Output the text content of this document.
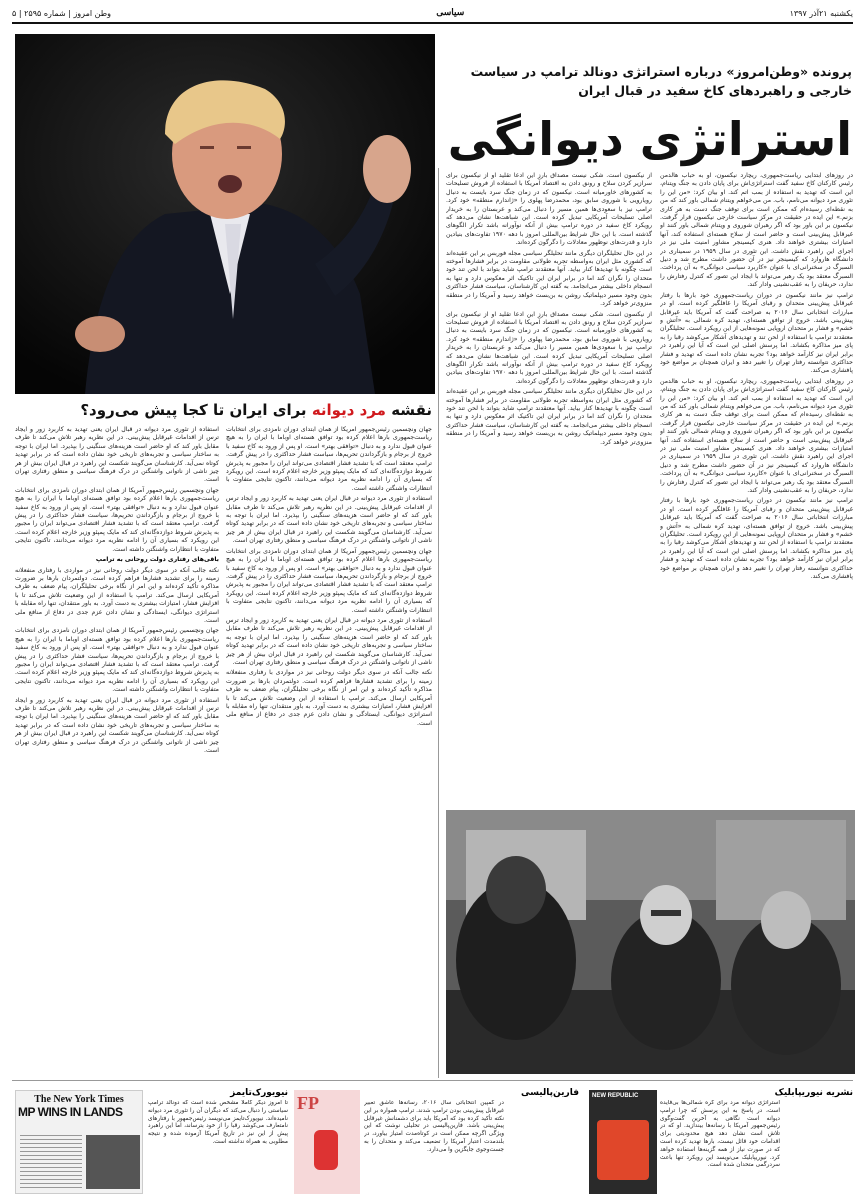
یکشنبه ۲۱آذر ۱۳۹۷
سیاسی
وطن امروز | شماره ۲۵۹۵ | ۵
پرونده «وطن‌امروز» درباره استراتژی دونالد ترامپ در سیاست خارجی و راهبردهای کاخ سفید در قبال ایران
استراتژی دیوانگی
نقشه مرد دیوانه برای ایران تا کجا پیش می‌رود؟

در روزهای ابتدایی ریاست‌جمهوری، ریچارد نیکسون، او به حباب هالدمن رئیس کارکنان کاخ سفید گفت استراتژی‌اش برای پایان دادن به جنگ ویتنام، این است که تهدید به استفاده از بمب اتم کند. او بیان کرد: «من این را تئوری مرد دیوانه می‌نامم، باب. من می‌خواهم ویتنام شمالی باور کند که من به نقطه‌ای رسیده‌ام که ممکن است برای توقف جنگ دست به هر کاری بزنم.» این ایده در حقیقت در مرکز سیاست خارجی نیکسون قرار گرفت. نیکسون بر این باور بود که اگر رهبران شوروی و ویتنام شمالی باور کنند او غیرقابل پیش‌بینی است و حاضر است از سلاح هسته‌ای استفاده کند، آنها امتیازات بیشتری خواهند داد. هنری کیسینجر مشاور امنیت ملی نیز در اجرای این راهبرد نقش داشت. این تئوری در سال ۱۹۵۹ در سمیناری در دانشگاه هاروارد که کیسینجر نیز در آن حضور داشت مطرح شد و دنیل السبرگ در سخنرانی‌ای با عنوان «کاربرد سیاسی دیوانگی» به آن پرداخت. السبرگ معتقد بود یک رهبر می‌تواند با ایجاد این تصور که کنترل رفتارش را ندارد، حریفان را به عقب‌نشینی وادار کند.

ترامپ نیز مانند نیکسون در دوران ریاست‌جمهوری خود بارها با رفتار غیرقابل پیش‌بینی متحدان و رقبای آمریکا را غافلگیر کرده است. او در مبارزات انتخاباتی سال ۲۰۱۶ به صراحت گفت که آمریکا باید غیرقابل پیش‌بینی باشد. خروج از توافق هسته‌ای، تهدید کره شمالی به «آتش و خشم» و فشار بر متحدان اروپایی نمونه‌هایی از این رویکرد است. تحلیلگران معتقدند ترامپ با استفاده از لحن تند و تهدیدهای آشکار می‌کوشد رقبا را به پای میز مذاکره بکشاند. اما پرسش اصلی این است که آیا این راهبرد در برابر ایران نیز کارآمد خواهد بود؟ تجربه نشان داده است که تهدید و فشار حداکثری نتوانسته رفتار تهران را تغییر دهد و ایران همچنان بر مواضع خود پافشاری می‌کند.

در روزهای ابتدایی ریاست‌جمهوری، ریچارد نیکسون، او به حباب هالدمن رئیس کارکنان کاخ سفید گفت استراتژی‌اش برای پایان دادن به جنگ ویتنام، این است که تهدید به استفاده از بمب اتم کند. او بیان کرد: «من این را تئوری مرد دیوانه می‌نامم، باب. من می‌خواهم ویتنام شمالی باور کند که من به نقطه‌ای رسیده‌ام که ممکن است برای توقف جنگ دست به هر کاری بزنم.» این ایده در حقیقت در مرکز سیاست خارجی نیکسون قرار گرفت. نیکسون بر این باور بود که اگر رهبران شوروی و ویتنام شمالی باور کنند او غیرقابل پیش‌بینی است و حاضر است از سلاح هسته‌ای استفاده کند، آنها امتیازات بیشتری خواهند داد. هنری کیسینجر مشاور امنیت ملی نیز در اجرای این راهبرد نقش داشت. این تئوری در سال ۱۹۵۹ در سمیناری در دانشگاه هاروارد که کیسینجر نیز در آن حضور داشت مطرح شد و دنیل السبرگ در سخنرانی‌ای با عنوان «کاربرد سیاسی دیوانگی» به آن پرداخت. السبرگ معتقد بود یک رهبر می‌تواند با ایجاد این تصور که کنترل رفتارش را ندارد، حریفان را به عقب‌نشینی وادار کند.

ترامپ نیز مانند نیکسون در دوران ریاست‌جمهوری خود بارها با رفتار غیرقابل پیش‌بینی متحدان و رقبای آمریکا را غافلگیر کرده است. او در مبارزات انتخاباتی سال ۲۰۱۶ به صراحت گفت که آمریکا باید غیرقابل پیش‌بینی باشد. خروج از توافق هسته‌ای، تهدید کره شمالی به «آتش و خشم» و فشار بر متحدان اروپایی نمونه‌هایی از این رویکرد است. تحلیلگران معتقدند ترامپ با استفاده از لحن تند و تهدیدهای آشکار می‌کوشد رقبا را به پای میز مذاکره بکشاند. اما پرسش اصلی این است که آیا این راهبرد در برابر ایران نیز کارآمد خواهد بود؟ تجربه نشان داده است که تهدید و فشار حداکثری نتوانسته رفتار تهران را تغییر دهد و ایران همچنان بر مواضع خود پافشاری می‌کند.

از نیکسون است. شکی نیست مصداق بارز این ادعا تقلید او از نیکسون برای سرازیر کردن سلاح و رونق دادن به اقتصاد آمریکا با استفاده از فروش تسلیحات به کشورهای خاورمیانه است. نیکسون که در زمان جنگ سرد بایست به دنبال رویارویی با شوروی سابق بود، محمدرضا پهلوی را «ژاندارم منطقه» خود کرد. ترامپ نیز با سعودی‌ها همین مسیر را دنبال می‌کند و عربستان را به خریدار اصلی تسلیحات آمریکایی تبدیل کرده است. این شباهت‌ها نشان می‌دهد که رویکرد کاخ سفید در دوره ترامپ بیش از آنکه نوآورانه باشد تکرار الگوهای گذشته است. با این حال شرایط بین‌المللی امروز با دهه ۱۹۷۰ تفاوت‌های بنیادین دارد و قدرت‌های نوظهور معادلات را دگرگون کرده‌اند.

در این حال تحلیلگران دیگری مانند تحلیلگر سیاسی مجله فوربس بر این عقیده‌اند که کشوری مثل ایران به‌واسطه تجربه طولانی مقاومت در برابر فشارها آموخته است چگونه با تهدیدها کنار بیاید. آنها معتقدند ترامپ شاید بتواند با لحن تند خود متحدان را نگران کند اما در برابر ایران این تاکتیک اثر معکوس دارد و تنها به انسجام داخلی بیشتر می‌انجامد. به گفته این کارشناسان، سیاست فشار حداکثری بدون وجود مسیر دیپلماتیک روشن به بن‌بست خواهد رسید و آمریکا را در منطقه منزوی‌تر خواهد کرد.

از نیکسون است. شکی نیست مصداق بارز این ادعا تقلید او از نیکسون برای سرازیر کردن سلاح و رونق دادن به اقتصاد آمریکا با استفاده از فروش تسلیحات به کشورهای خاورمیانه است. نیکسون که در زمان جنگ سرد بایست به دنبال رویارویی با شوروی سابق بود، محمدرضا پهلوی را «ژاندارم منطقه» خود کرد. ترامپ نیز با سعودی‌ها همین مسیر را دنبال می‌کند و عربستان را به خریدار اصلی تسلیحات آمریکایی تبدیل کرده است. این شباهت‌ها نشان می‌دهد که رویکرد کاخ سفید در دوره ترامپ بیش از آنکه نوآورانه باشد تکرار الگوهای گذشته است. با این حال شرایط بین‌المللی امروز با دهه ۱۹۷۰ تفاوت‌های بنیادین دارد و قدرت‌های نوظهور معادلات را دگرگون کرده‌اند.

در این حال تحلیلگران دیگری مانند تحلیلگر سیاسی مجله فوربس بر این عقیده‌اند که کشوری مثل ایران به‌واسطه تجربه طولانی مقاومت در برابر فشارها آموخته است چگونه با تهدیدها کنار بیاید. آنها معتقدند ترامپ شاید بتواند با لحن تند خود متحدان را نگران کند اما در برابر ایران این تاکتیک اثر معکوس دارد و تنها به انسجام داخلی بیشتر می‌انجامد. به گفته این کارشناسان، سیاست فشار حداکثری بدون وجود مسیر دیپلماتیک روشن به بن‌بست خواهد رسید و آمریکا را در منطقه منزوی‌تر خواهد کرد.

جهان ونچسمین رئیس‌جمهور آمریکا از همان ابتدای دوران نامزدی برای انتخابات ریاست‌جمهوری بارها اعلام کرده بود توافق هسته‌ای اوباما با ایران را به هیچ عنوان قبول ندارد و به دنبال «توافقی بهتر» است. او پس از ورود به کاخ سفید با خروج از برجام و بازگرداندن تحریم‌ها، سیاست فشار حداکثری را در پیش گرفت. ترامپ معتقد است که با تشدید فشار اقتصادی می‌تواند ایران را مجبور به پذیرش شروط دوازده‌گانه‌ای کند که مایک پمپئو وزیر خارجه اعلام کرده است. این رویکرد که بسیاری آن را ادامه نظریه مرد دیوانه می‌دانند، تاکنون نتایجی متفاوت با انتظارات واشنگتن داشته است.

استفاده از تئوری مرد دیوانه در قبال ایران یعنی تهدید به کاربرد زور و ایجاد ترس از اقدامات غیرقابل پیش‌بینی. در این نظریه رهبر تلاش می‌کند تا طرف مقابل باور کند که او حاضر است هزینه‌های سنگینی را بپذیرد. اما ایران با توجه به ساختار سیاسی و تجربه‌های تاریخی خود نشان داده است که در برابر تهدید کوتاه نمی‌آید. کارشناسان می‌گویند شکست این راهبرد در قبال ایران بیش از هر چیز ناشی از ناتوانی واشنگتن در درک فرهنگ سیاسی و منطق رفتاری تهران است.

جهان ونچسمین رئیس‌جمهور آمریکا از همان ابتدای دوران نامزدی برای انتخابات ریاست‌جمهوری بارها اعلام کرده بود توافق هسته‌ای اوباما با ایران را به هیچ عنوان قبول ندارد و به دنبال «توافقی بهتر» است. او پس از ورود به کاخ سفید با خروج از برجام و بازگرداندن تحریم‌ها، سیاست فشار حداکثری را در پیش گرفت. ترامپ معتقد است که با تشدید فشار اقتصادی می‌تواند ایران را مجبور به پذیرش شروط دوازده‌گانه‌ای کند که مایک پمپئو وزیر خارجه اعلام کرده است. این رویکرد که بسیاری آن را ادامه نظریه مرد دیوانه می‌دانند، تاکنون نتایجی متفاوت با انتظارات واشنگتن داشته است.

استفاده از تئوری مرد دیوانه در قبال ایران یعنی تهدید به کاربرد زور و ایجاد ترس از اقدامات غیرقابل پیش‌بینی. در این نظریه رهبر تلاش می‌کند تا طرف مقابل باور کند که او حاضر است هزینه‌های سنگینی را بپذیرد. اما ایران با توجه به ساختار سیاسی و تجربه‌های تاریخی خود نشان داده است که در برابر تهدید کوتاه نمی‌آید. کارشناسان می‌گویند شکست این راهبرد در قبال ایران بیش از هر چیز ناشی از ناتوانی واشنگتن در درک فرهنگ سیاسی و منطق رفتاری تهران است.

نکته جالب آنکه در سوی دیگر دولت روحانی نیز در مواردی با رفتاری منفعلانه زمینه را برای تشدید فشارها فراهم کرده است. دولتمردان بارها بر ضرورت مذاکره تأکید کرده‌اند و این امر از نگاه برخی تحلیلگران، پیام ضعف به طرف آمریکایی ارسال می‌کند. ترامپ با استفاده از این وضعیت تلاش می‌کند تا با افزایش فشار، امتیازات بیشتری به دست آورد. به باور منتقدان، تنها راه مقابله با استراتژی دیوانگی، ایستادگی و نشان دادن عزم جدی در دفاع از منافع ملی است.

استفاده از تئوری مرد دیوانه در قبال ایران یعنی تهدید به کاربرد زور و ایجاد ترس از اقدامات غیرقابل پیش‌بینی. در این نظریه رهبر تلاش می‌کند تا طرف مقابل باور کند که او حاضر است هزینه‌های سنگینی را بپذیرد. اما ایران با توجه به ساختار سیاسی و تجربه‌های تاریخی خود نشان داده است که در برابر تهدید کوتاه نمی‌آید. کارشناسان می‌گویند شکست این راهبرد در قبال ایران بیش از هر چیز ناشی از ناتوانی واشنگتن در درک فرهنگ سیاسی و منطق رفتاری تهران است.

جهان ونچسمین رئیس‌جمهور آمریکا از همان ابتدای دوران نامزدی برای انتخابات ریاست‌جمهوری بارها اعلام کرده بود توافق هسته‌ای اوباما با ایران را به هیچ عنوان قبول ندارد و به دنبال «توافقی بهتر» است. او پس از ورود به کاخ سفید با خروج از برجام و بازگرداندن تحریم‌ها، سیاست فشار حداکثری را در پیش گرفت. ترامپ معتقد است که با تشدید فشار اقتصادی می‌تواند ایران را مجبور به پذیرش شروط دوازده‌گانه‌ای کند که مایک پمپئو وزیر خارجه اعلام کرده است. این رویکرد که بسیاری آن را ادامه نظریه مرد دیوانه می‌دانند، تاکنون نتایجی متفاوت با انتظارات واشنگتن داشته است.

باقی‌های رفتاری دولت روحانی به ترامپ

نکته جالب آنکه در سوی دیگر دولت روحانی نیز در مواردی با رفتاری منفعلانه زمینه را برای تشدید فشارها فراهم کرده است. دولتمردان بارها بر ضرورت مذاکره تأکید کرده‌اند و این امر از نگاه برخی تحلیلگران، پیام ضعف به طرف آمریکایی ارسال می‌کند. ترامپ با استفاده از این وضعیت تلاش می‌کند تا با افزایش فشار، امتیازات بیشتری به دست آورد. به باور منتقدان، تنها راه مقابله با استراتژی دیوانگی، ایستادگی و نشان دادن عزم جدی در دفاع از منافع ملی است.

جهان ونچسمین رئیس‌جمهور آمریکا از همان ابتدای دوران نامزدی برای انتخابات ریاست‌جمهوری بارها اعلام کرده بود توافق هسته‌ای اوباما با ایران را به هیچ عنوان قبول ندارد و به دنبال «توافقی بهتر» است. او پس از ورود به کاخ سفید با خروج از برجام و بازگرداندن تحریم‌ها، سیاست فشار حداکثری را در پیش گرفت. ترامپ معتقد است که با تشدید فشار اقتصادی می‌تواند ایران را مجبور به پذیرش شروط دوازده‌گانه‌ای کند که مایک پمپئو وزیر خارجه اعلام کرده است. این رویکرد که بسیاری آن را ادامه نظریه مرد دیوانه می‌دانند، تاکنون نتایجی متفاوت با انتظارات واشنگتن داشته است.

استفاده از تئوری مرد دیوانه در قبال ایران یعنی تهدید به کاربرد زور و ایجاد ترس از اقدامات غیرقابل پیش‌بینی. در این نظریه رهبر تلاش می‌کند تا طرف مقابل باور کند که او حاضر است هزینه‌های سنگینی را بپذیرد. اما ایران با توجه به ساختار سیاسی و تجربه‌های تاریخی خود نشان داده است که در برابر تهدید کوتاه نمی‌آید. کارشناسان می‌گویند شکست این راهبرد در قبال ایران بیش از هر چیز ناشی از ناتوانی واشنگتن در درک فرهنگ سیاسی و منطق رفتاری تهران است.

نشریه نیوریپابلیک
استراتژی دیوانه مرد برای کره شمالی‌ها بی‌فایده است، در پاسخ به این پرسش که چرا ترامپ دیوانه است نگاهی به آخرین گفت‌وگوی رئیس‌جمهور آمریکا با رسانه‌ها بیندازید. او که در تلاش است نشان دهد هیچ محدودیتی برای اقدامات خود قائل نیست، بارها تهدید کرده است که در صورت نیاز از همه گزینه‌ها استفاده خواهد کرد. نیوریپابلیک می‌نویسد این رویکرد تنها باعث سردرگمی متحدان شده است.
NEW REPUBLIC
فارین‌پالیسی
در کمپین انتخاباتی سال ۲۰۱۶، رسانه‌ها عاشق تعبیر غیرقابل پیش‌بینی بودن ترامپ شدند. ترامپ همواره بر این نکته تأکید کرده بود که آمریکا باید برای دشمنانش غیرقابل پیش‌بینی باشد. فارین‌پالیسی در تحلیلی نوشت که این ویژگی اگرچه ممکن است در کوتاه‌مدت امتیاز بیاورد، در بلندمدت اعتبار آمریکا را تضعیف می‌کند و متحدان را به جست‌وجوی جایگزین وا می‌دارد.
FP
نیویورک‌تایمز
تا امروز دیگر کاملاً مشخص شده است که دونالد ترامپ سیاستی را دنبال می‌کند که دیگران آن را تئوری مرد دیوانه نامیده‌اند. نیویورک‌تایمز می‌نویسد رئیس‌جمهور با رفتارهای نامتعارف می‌کوشد رقبا را از خود بترساند، اما این راهبرد پیش از این نیز در تاریخ آمریکا آزموده شده و نتیجه مطلوبی به همراه نداشته است.
The New York Times
MP WINS IN LANDS
